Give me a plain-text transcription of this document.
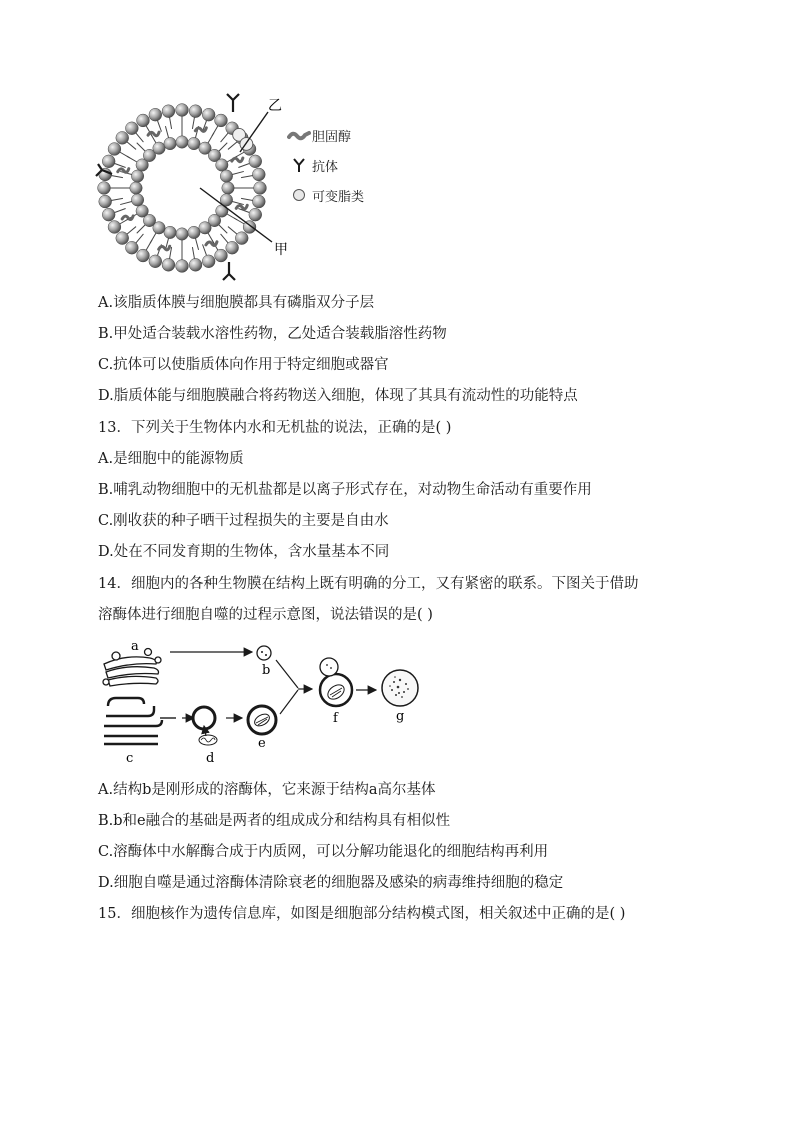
乙
甲
胆固醇
抗体
可变脂类
A.该脂质体膜与细胞膜都具有磷脂双分子层
B.甲处适合装载水溶性药物，乙处适合装载脂溶性药物
C.抗体可以使脂质体向作用于特定细胞或器官
D.脂质体能与细胞膜融合将药物送入细胞，体现了其具有流动性的功能特点
13．下列关于生物体内水和无机盐的说法，正确的是( )
A.是细胞中的能源物质
B.哺乳动物细胞中的无机盐都是以离子形式存在，对动物生命活动有重要作用
C.刚收获的种子晒干过程损失的主要是自由水
D.处在不同发育期的生物体，含水量基本不同
14．细胞内的各种生物膜在结构上既有明确的分工，又有紧密的联系。下图关于借助
溶酶体进行细胞自噬的过程示意图，说法错误的是( )
a
b
c	d
e
f	g
A.结构b是刚形成的溶酶体，它来源于结构a高尔基体
B.b和e融合的基础是两者的组成成分和结构具有相似性
C.溶酶体中水解酶合成于内质网，可以分解功能退化的细胞结构再利用
D.细胞自噬是通过溶酶体清除衰老的细胞器及感染的病毒维持细胞的稳定
15．细胞核作为遗传信息库，如图是细胞部分结构模式图，相关叙述中正确的是( )
